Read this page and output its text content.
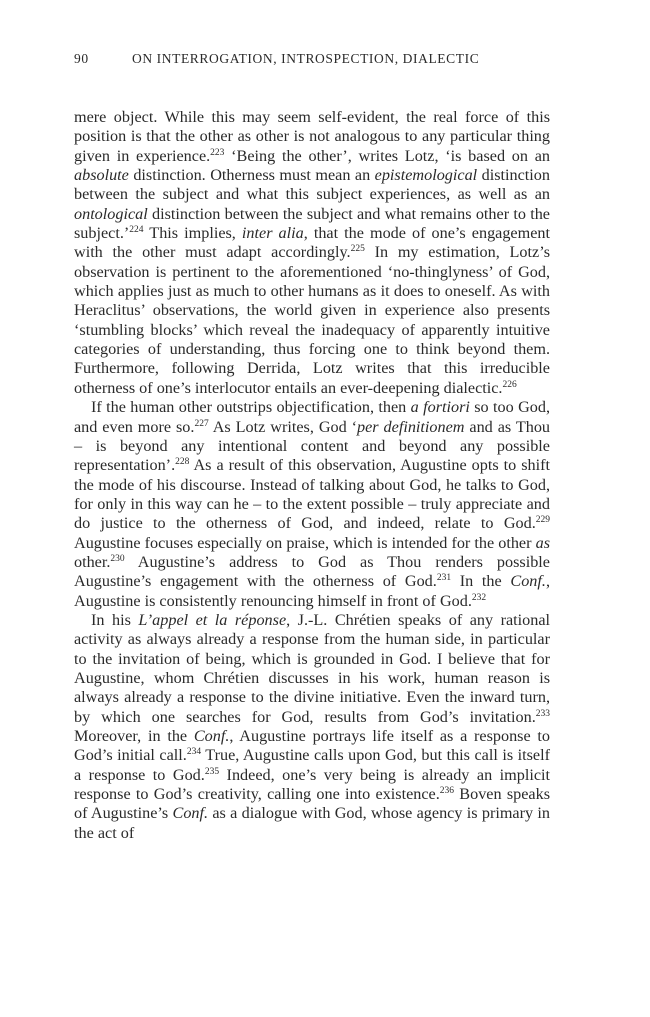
90	ON INTERROGATION, INTROSPECTION, DIALECTIC

mere object. While this may seem self-evident, the real force of this position is that the other as other is not analogous to any particular thing given in experience.$^{223}$ ‘Being the other’, writes Lotz, ‘is based on an absolute distinction. Otherness must mean an epistemological distinction between the subject and what this subject experiences, as well as an ontological distinction between the subject and what remains other to the subject.’$^{224}$ This implies, inter alia, that the mode of one’s engagement with the other must adapt accordingly.$^{225}$ In my estimation, Lotz’s observation is pertinent to the aforementioned ‘no-thinglyness’ of God, which applies just as much to other humans as it does to oneself. As with Heraclitus’ observations, the world given in experience also presents ‘stumbling blocks’ which reveal the inadequacy of apparently intuitive categories of understanding, thus forcing one to think beyond them. Furthermore, following Derrida, Lotz writes that this irreducible otherness of one’s interlocutor entails an ever-deepening dialectic.$^{226}$

If the human other outstrips objectification, then a fortiori so too God, and even more so.$^{227}$ As Lotz writes, God ‘per definitionem and as Thou – is beyond any intentional content and beyond any possible representation’.$^{228}$ As a result of this observation, Augustine opts to shift the mode of his discourse. Instead of talking about God, he talks to God, for only in this way can he – to the extent possible – truly appreciate and do justice to the otherness of God, and indeed, relate to God.$^{229}$ Augustine focuses especially on praise, which is intended for the other as other.$^{230}$ Augustine’s address to God as Thou renders possible Augustine’s engagement with the otherness of God.$^{231}$ In the Conf., Augustine is consistently renouncing himself in front of God.$^{232}$

In his L’appel et la réponse, J.-L. Chrétien speaks of any rational activity as always already a response from the human side, in particular to the invitation of being, which is grounded in God. I believe that for Augustine, whom Chrétien discusses in his work, human reason is always already a response to the divine initiative. Even the inward turn, by which one searches for God, results from God’s invitation.$^{233}$ Moreover, in the Conf., Augustine portrays life itself as a response to God’s initial call.$^{234}$ True, Augustine calls upon God, but this call is itself a response to God.$^{235}$ Indeed, one’s very being is already an implicit response to God’s creativity, calling one into existence.$^{236}$ Boven speaks of Augustine’s Conf. as a dialogue with God, whose agency is primary in the act of
